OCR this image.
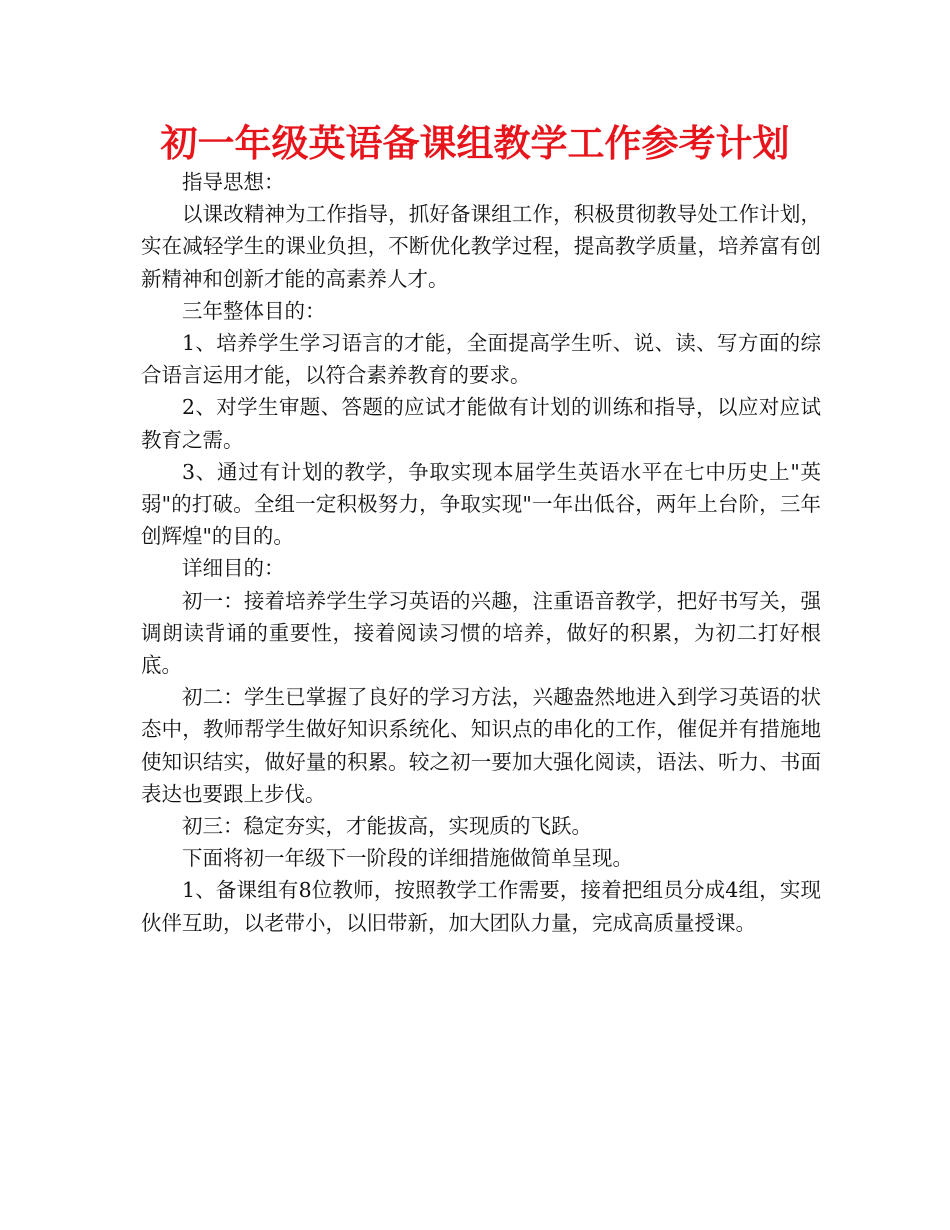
初一年级英语备课组教学工作参考计划

指导思想：

以课改精神为工作指导，抓好备课组工作，积极贯彻教导处工作计划，实在减轻学生的课业负担，不断优化教学过程，提高教学质量，培养富有创新精神和创新才能的高素养人才。

三年整体目的：

1、培养学生学习语言的才能，全面提高学生听、说、读、写方面的综合语言运用才能，以符合素养教育的要求。

2、对学生审题、答题的应试才能做有计划的训练和指导，以应对应试教育之需。

3、通过有计划的教学，争取实现本届学生英语水平在七中历史上"英弱"的打破。全组一定积极努力，争取实现"一年出低谷，两年上台阶，三年创辉煌"的目的。

详细目的：

初一：接着培养学生学习英语的兴趣，注重语音教学，把好书写关，强调朗读背诵的重要性，接着阅读习惯的培养，做好的积累，为初二打好根底。

初二：学生已掌握了良好的学习方法，兴趣盎然地进入到学习英语的状态中，教师帮学生做好知识系统化、知识点的串化的工作，催促并有措施地使知识结实，做好量的积累。较之初一要加大强化阅读，语法、听力、书面表达也要跟上步伐。

初三：稳定夯实，才能拔高，实现质的飞跃。

下面将初一年级下一阶段的详细措施做简单呈现。

1、备课组有8位教师，按照教学工作需要，接着把组员分成4组，实现伙伴互助，以老带小，以旧带新，加大团队力量，完成高质量授课。
